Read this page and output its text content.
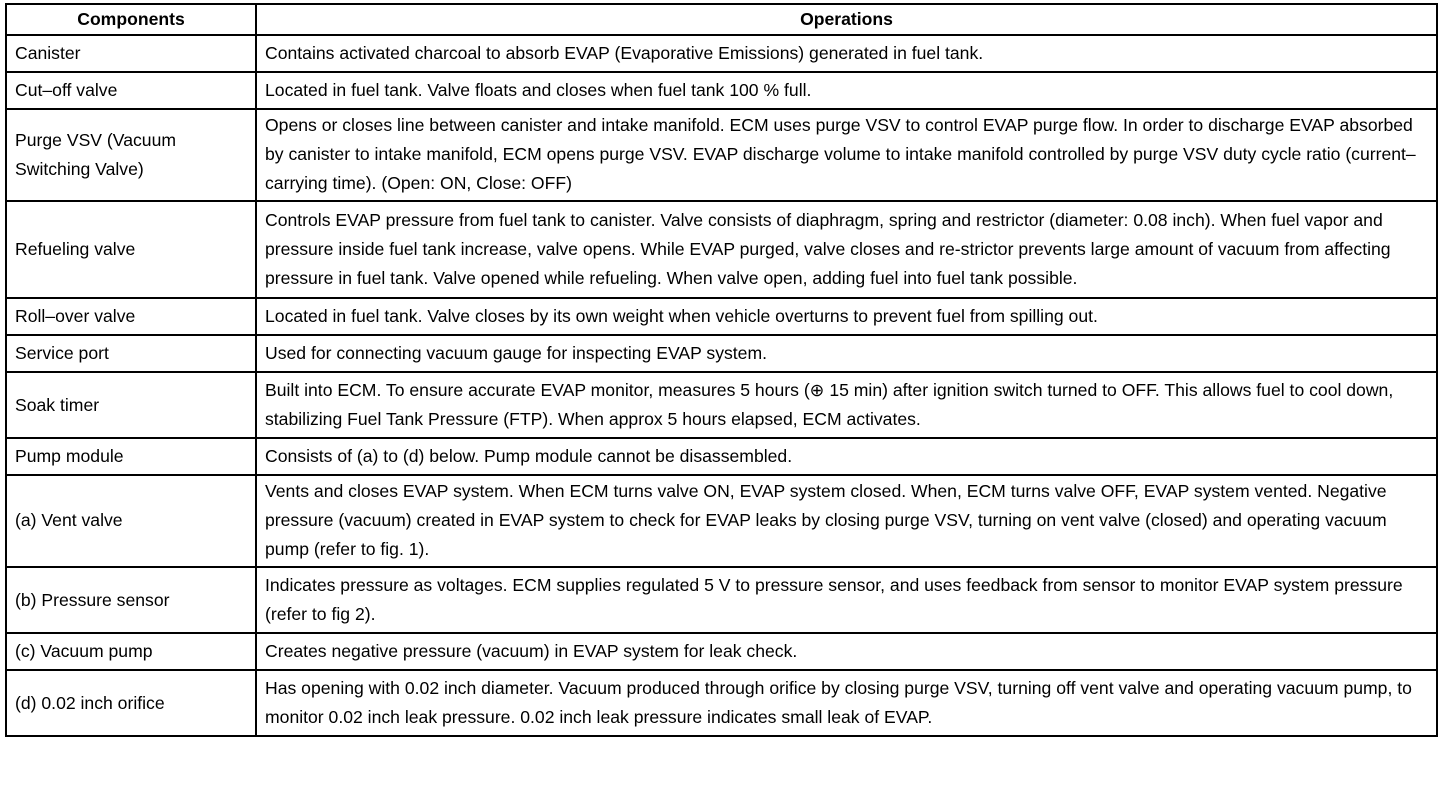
Components	Operations
Canister	Contains activated charcoal to absorb EVAP (Evaporative Emissions) generated in fuel tank.
Cut–off valve	Located in fuel tank. Valve floats and closes when fuel tank 100 % full.
Purge VSV (Vacuum Switching Valve)	Opens or closes line between canister and intake manifold. ECM uses purge VSV to control EVAP purge flow. In order to discharge EVAP absorbed by canister to intake manifold, ECM opens purge VSV. EVAP discharge volume to intake manifold controlled by purge VSV duty cycle ratio (current–carrying time). (Open: ON, Close: OFF)
Refueling valve	Controls EVAP pressure from fuel tank to canister. Valve consists of diaphragm, spring and restrictor (diameter: 0.08 inch). When fuel vapor and pressure inside fuel tank increase, valve opens. While EVAP purged, valve closes and re-strictor prevents large amount of vacuum from affecting pressure in fuel tank. Valve opened while refueling. When valve open, adding fuel into fuel tank possible.
Roll–over valve	Located in fuel tank. Valve closes by its own weight when vehicle overturns to prevent fuel from spilling out.
Service port	Used for connecting vacuum gauge for inspecting EVAP system.
Soak timer	Built into ECM. To ensure accurate EVAP monitor, measures 5 hours (⊕ 15 min) after ignition switch turned to OFF. This allows fuel to cool down, stabilizing Fuel Tank Pressure (FTP). When approx 5 hours elapsed, ECM activates.
Pump module	Consists of (a) to (d) below. Pump module cannot be disassembled.
(a) Vent valve	Vents and closes EVAP system. When ECM turns valve ON, EVAP system closed. When, ECM turns valve OFF, EVAP system vented. Negative pressure (vacuum) created in EVAP system to check for EVAP leaks by closing purge VSV, turning on vent valve (closed) and operating vacuum pump (refer to fig. 1).
(b) Pressure sensor	Indicates pressure as voltages. ECM supplies regulated 5 V to pressure sensor, and uses feedback from sensor to monitor EVAP system pressure (refer to fig 2).
(c) Vacuum pump	Creates negative pressure (vacuum) in EVAP system for leak check.
(d) 0.02 inch orifice	Has opening with 0.02 inch diameter. Vacuum produced through orifice by closing purge VSV, turning off vent valve and operating vacuum pump, to monitor 0.02 inch leak pressure. 0.02 inch leak pressure indicates small leak of EVAP.
